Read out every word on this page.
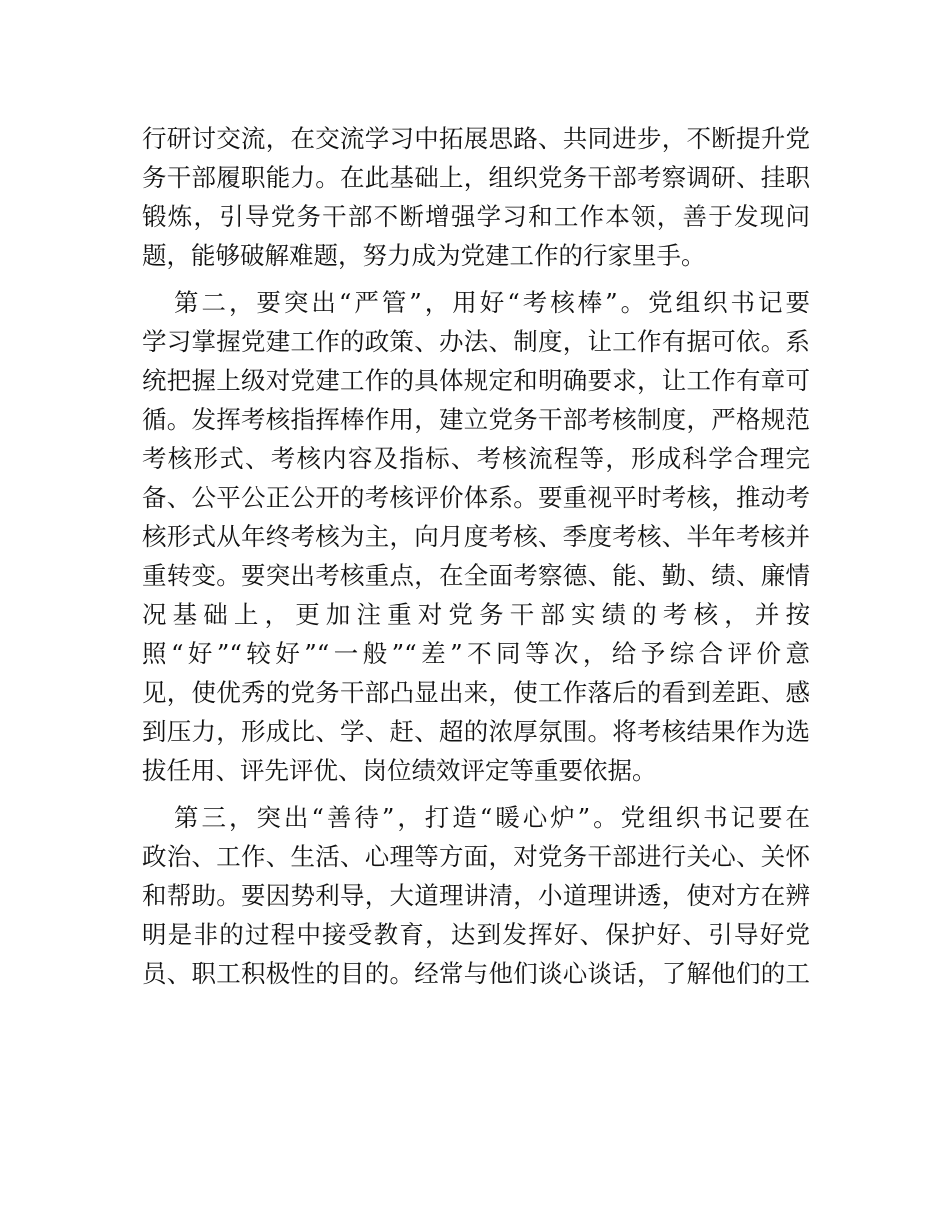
行研讨交流，在交流学习中拓展思路、共同进步，不断提升党
务干部履职能力。在此基础上，组织党务干部考察调研、挂职
锻炼，引导党务干部不断增强学习和工作本领，善于发现问
题，能够破解难题，努力成为党建工作的行家里手。
第二，要突出“严管”，用好“考核棒”。党组织书记要
学习掌握党建工作的政策、办法、制度，让工作有据可依。系
统把握上级对党建工作的具体规定和明确要求，让工作有章可
循。发挥考核指挥棒作用，建立党务干部考核制度，严格规范
考核形式、考核内容及指标、考核流程等，形成科学合理完
备、公平公正公开的考核评价体系。要重视平时考核，推动考
核形式从年终考核为主，向月度考核、季度考核、半年考核并
重转变。要突出考核重点，在全面考察德、能、勤、绩、廉情
况基础上，更加注重对党务干部实绩的考核，并按
照“好”“较好”“一般”“差”不同等次，给予综合评价意
见，使优秀的党务干部凸显出来，使工作落后的看到差距、感
到压力，形成比、学、赶、超的浓厚氛围。将考核结果作为选
拔任用、评先评优、岗位绩效评定等重要依据。
第三，突出“善待”，打造“暖心炉”。党组织书记要在
政治、工作、生活、心理等方面，对党务干部进行关心、关怀
和帮助。要因势利导，大道理讲清，小道理讲透，使对方在辨
明是非的过程中接受教育，达到发挥好、保护好、引导好党
员、职工积极性的目的。经常与他们谈心谈话，了解他们的工
